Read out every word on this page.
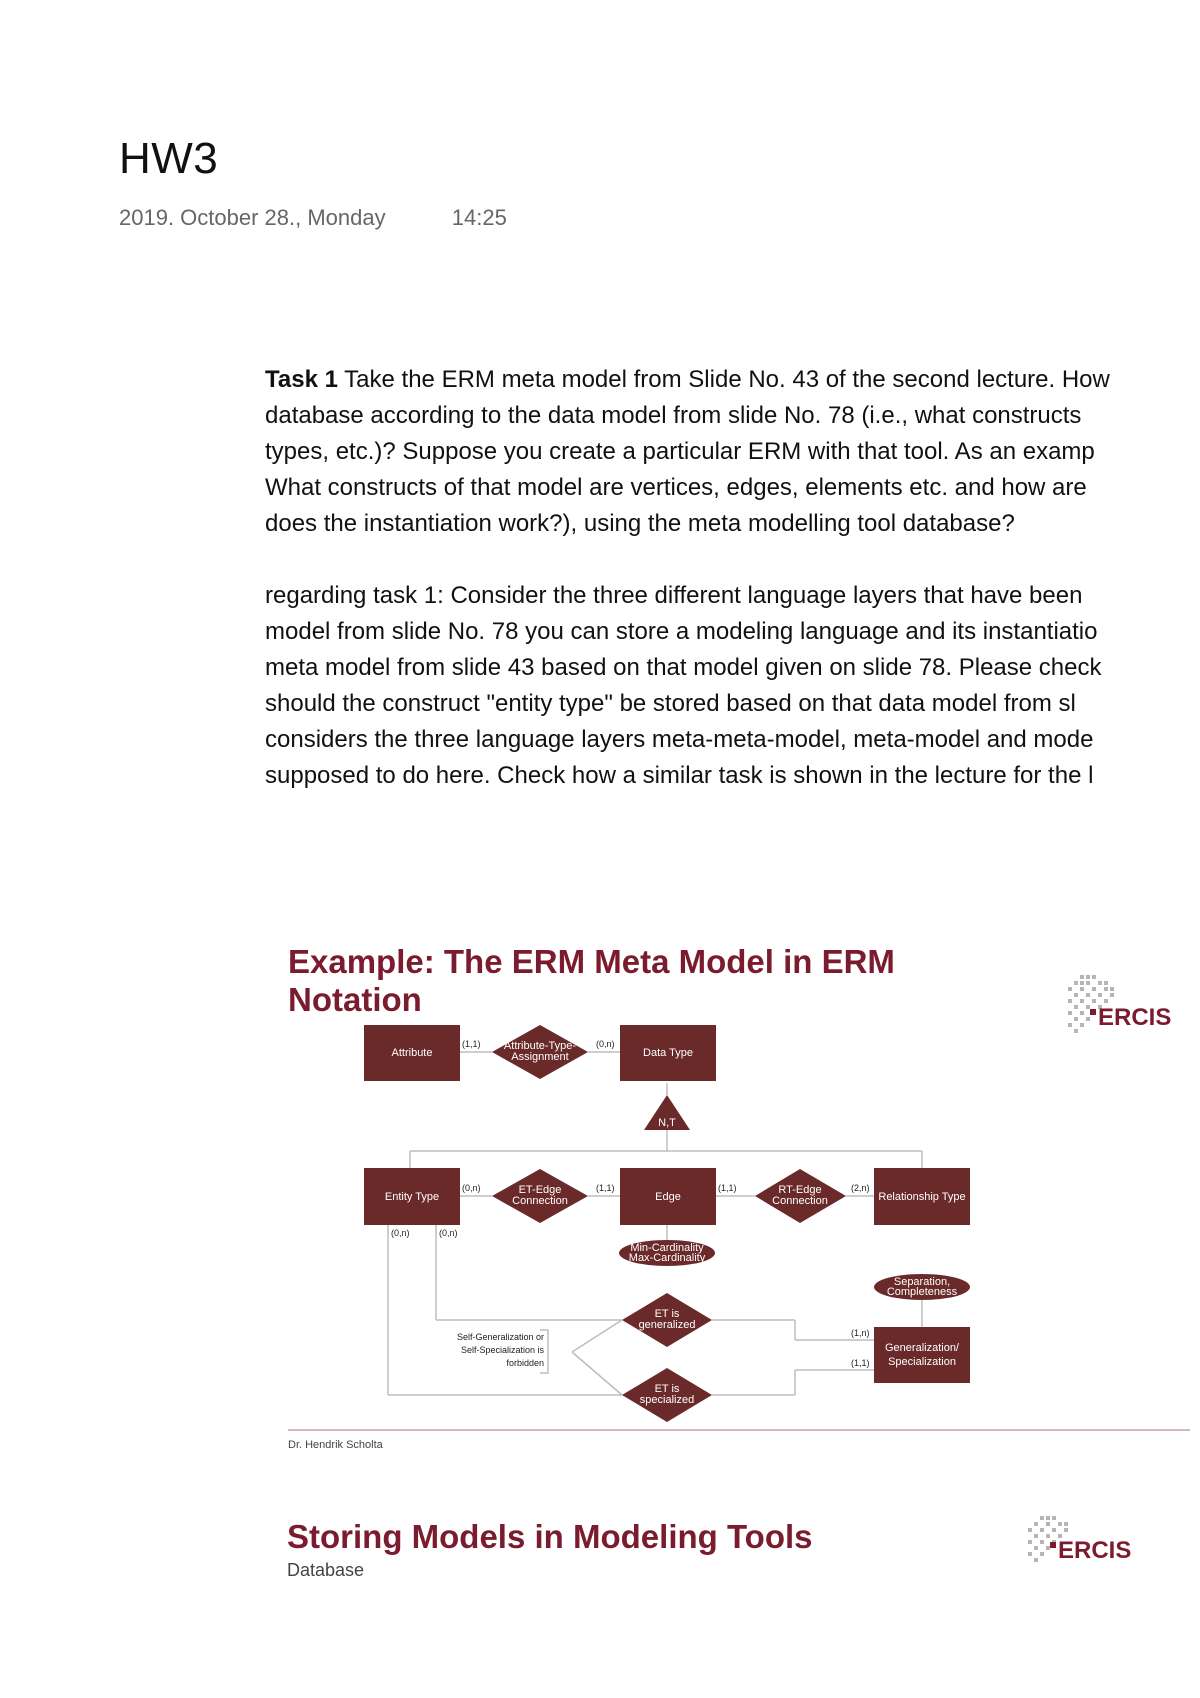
HW3
2019. October 28., Monday	14:25
Task 1 Take the ERM meta model from Slide No. 43 of the second lecture. How
database according to the data model from slide No. 78 (i.e., what constructs
types, etc.)? Suppose you create a particular ERM with that tool. As an examp
What constructs of that model are vertices, edges, elements etc. and how are
does the instantiation work?), using the meta modelling tool database?
regarding task 1: Consider the three different language layers that have been
model from slide No. 78 you can store a modeling language and its instantiatio
meta model from slide 43 based on that model given on slide 78. Please check
should the construct "entity type" be stored based on that data model from sl
considers the three language layers meta-meta-model, meta-model and mode
supposed to do here. Check how a similar task is shown in the lecture for the l
Example: The ERM Meta Model in ERM
Notation	ERCIS
Attribute	Data Type
Entity Type	Edge	Relationship Type
Generalization/
Specialization
Attribute-Type-
Assignment
ET-Edge
Connection
RT-Edge
Connection
ET is
generalized
ET is
specialized
N,T
Min-Cardinality
Max-Cardinality
Separation,
Completeness
(1,1)	(0,n)
(0,n)	(1,1)	(1,1)	(2,n)
(0,n)	(0,n)
(1,n)
(1,1)
Self-Generalization or
Self-Specialization is
forbidden
Dr. Hendrik Scholta
Storing Models in Modeling Tools
Database
ERCIS
